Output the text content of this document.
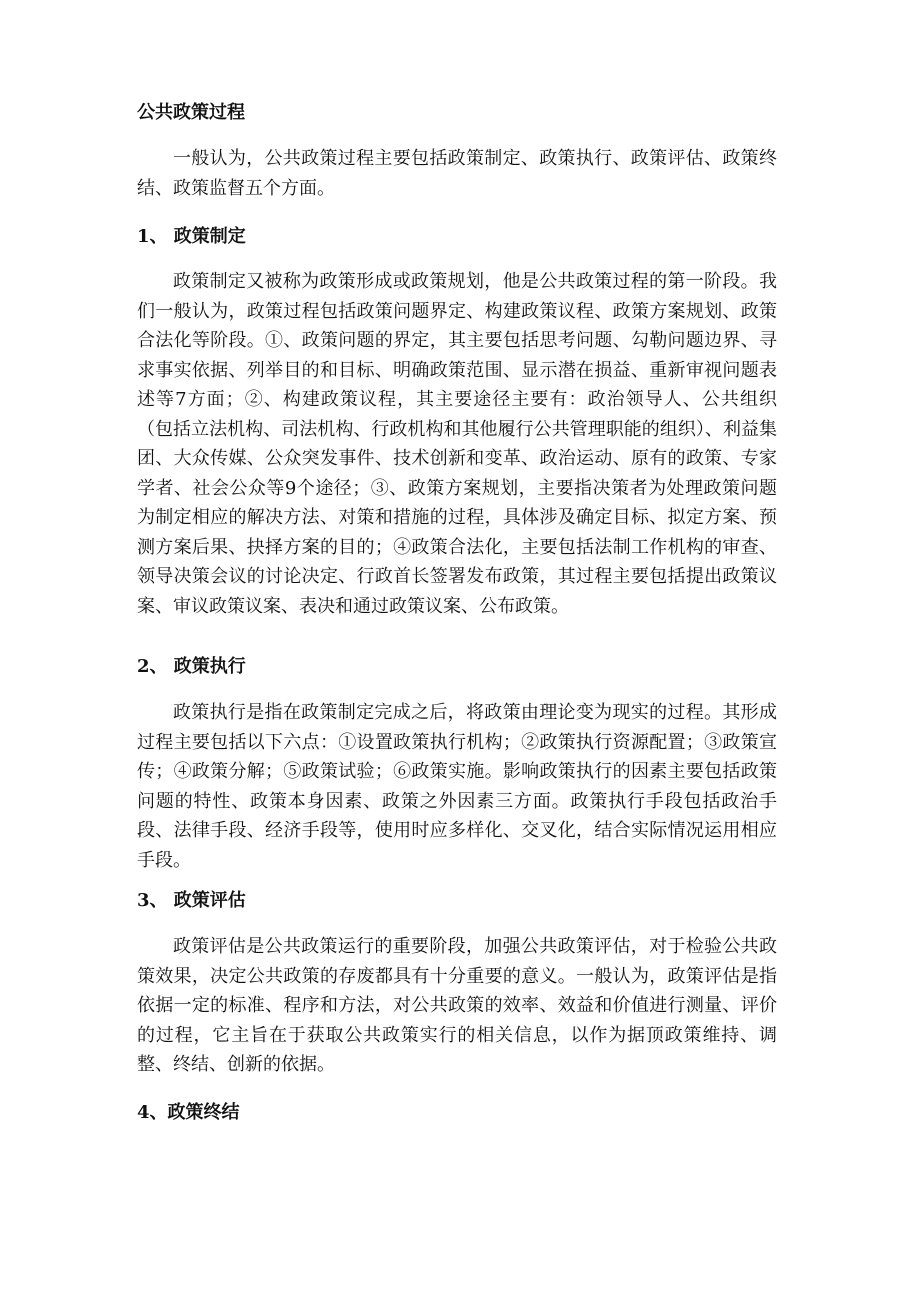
公共政策过程
一般认为，公共政策过程主要包括政策制定、政策执行、政策评估、政策终结、政策监督五个方面。
1、 政策制定
政策制定又被称为政策形成或政策规划，他是公共政策过程的第一阶段。我们一般认为，政策过程包括政策问题界定、构建政策议程、政策方案规划、政策合法化等阶段。①、政策问题的界定，其主要包括思考问题、勾勒问题边界、寻求事实依据、列举目的和目标、明确政策范围、显示潜在损益、重新审视问题表述等7方面；②、构建政策议程，其主要途径主要有：政治领导人、公共组织（包括立法机构、司法机构、行政机构和其他履行公共管理职能的组织）、利益集团、大众传媒、公众突发事件、技术创新和变革、政治运动、原有的政策、专家学者、社会公众等9个途径；③、政策方案规划，主要指决策者为处理政策问题为制定相应的解决方法、对策和措施的过程，具体涉及确定目标、拟定方案、预测方案后果、抉择方案的目的；④政策合法化，主要包括法制工作机构的审查、领导决策会议的讨论决定、行政首长签署发布政策，其过程主要包括提出政策议案、审议政策议案、表决和通过政策议案、公布政策。
2、 政策执行
政策执行是指在政策制定完成之后，将政策由理论变为现实的过程。其形成过程主要包括以下六点：①设置政策执行机构；②政策执行资源配置；③政策宣传；④政策分解；⑤政策试验；⑥政策实施。影响政策执行的因素主要包括政策问题的特性、政策本身因素、政策之外因素三方面。政策执行手段包括政治手段、法律手段、经济手段等，使用时应多样化、交叉化，结合实际情况运用相应手段。
3、 政策评估
政策评估是公共政策运行的重要阶段，加强公共政策评估，对于检验公共政策效果，决定公共政策的存废都具有十分重要的意义。一般认为，政策评估是指依据一定的标准、程序和方法，对公共政策的效率、效益和价值进行测量、评价的过程，它主旨在于获取公共政策实行的相关信息，以作为据顶政策维持、调整、终结、创新的依据。
4、政策终结
